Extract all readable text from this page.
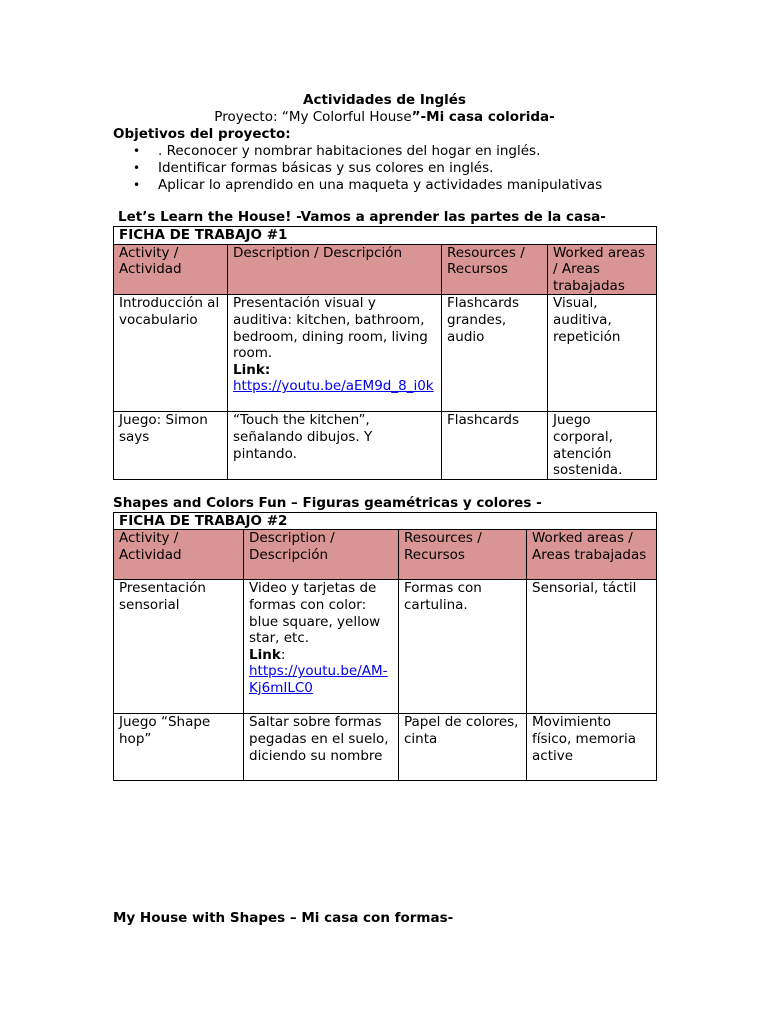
Actividades de Inglés
Proyecto: “My Colorful House”-Mi casa colorida-
Objetivos del proyecto:
• . Reconocer y nombrar habitaciones del hogar en inglés.
• Identificar formas básicas y sus colores en inglés.
• Aplicar lo aprendido en una maqueta y actividades manipulativas
Let’s Learn the House! -Vamos a aprender las partes de la casa-
FICHA DE TRABAJO #1			
Activity / Actividad	Description / Descripción	Resources / Recursos	Worked areas / Areas trabajadas
Introducción al vocabulario	Presentación visual y auditiva: kitchen, bathroom, bedroom, dining room, living room.
Link:
https://youtu.be/aEM9d_8_i0k	Flashcards grandes, audio	Visual, auditiva, repetición
Juego: Simon says	“Touch the kitchen”, señalando dibujos. Y pintando.	Flashcards	Juego corporal, atención sostenida.
Shapes and Colors Fun – Figuras geamétricas y colores -
FICHA DE TRABAJO #2			
Activity / Actividad	Description / Descripción	Resources / Recursos	Worked areas / Areas trabajadas
Presentación sensorial	Video y tarjetas de formas con color: blue square, yellow star, etc.
Link:
https://youtu.be/AM-Kj6mILC0	Formas con cartulina.	Sensorial, táctil
Juego “Shape hop”	Saltar sobre formas pegadas en el suelo, diciendo su nombre	Papel de colores, cinta	Movimiento físico, memoria active
My House with Shapes – Mi casa con formas-
